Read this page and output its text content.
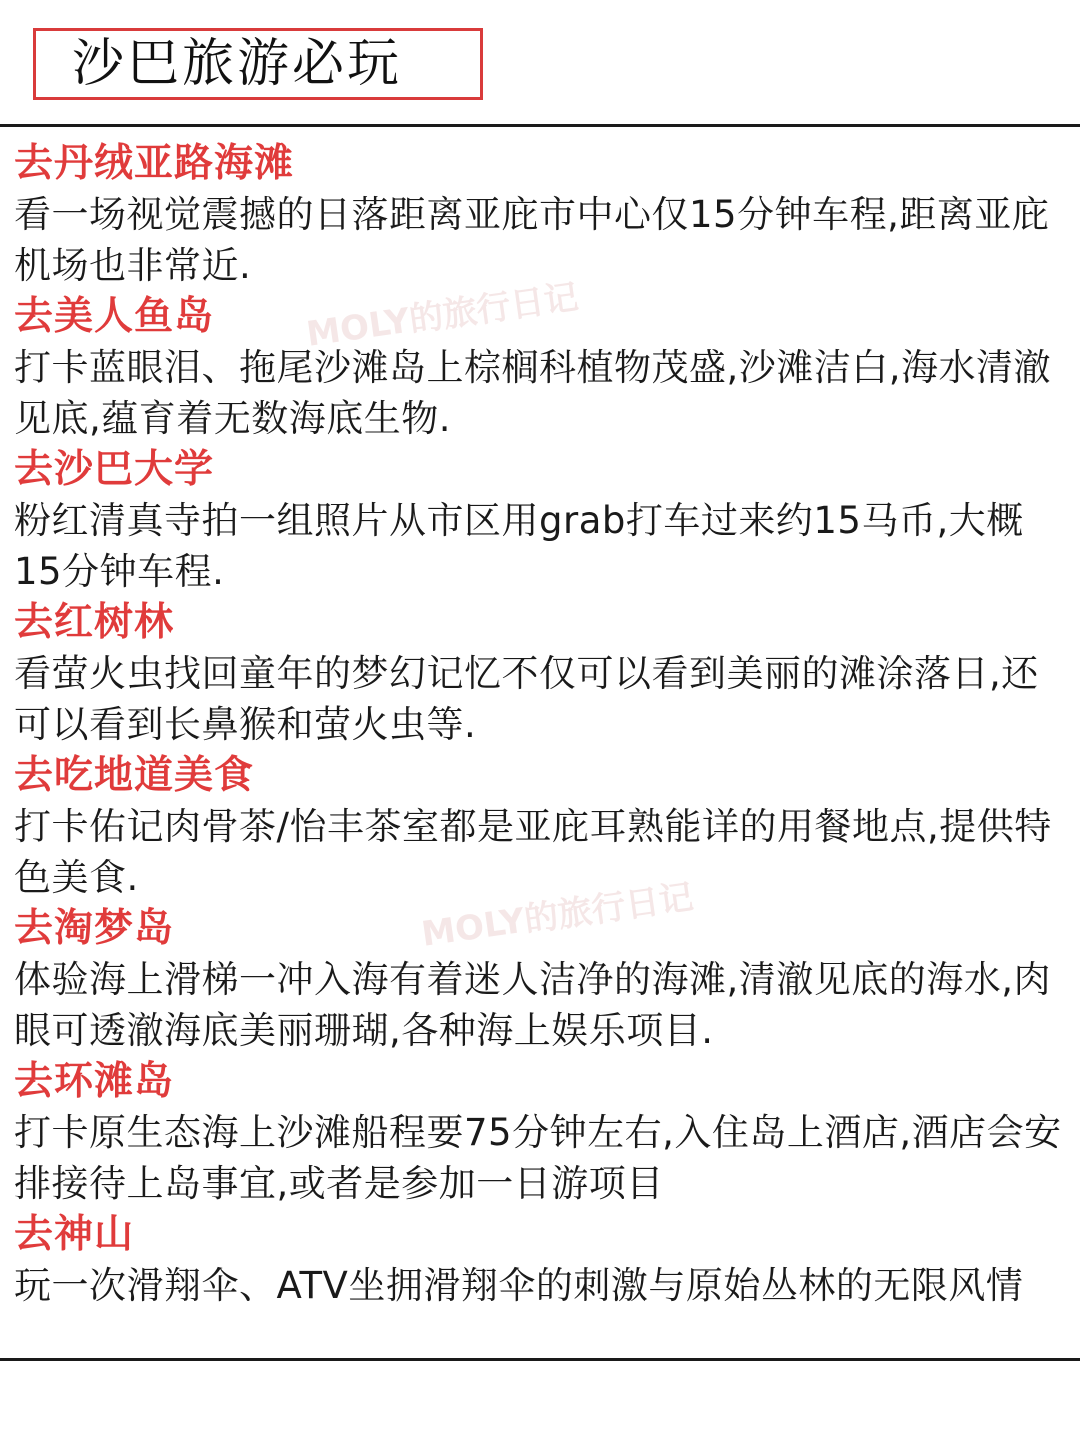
沙巴旅游必玩
MOLY的旅行日记
MOLY的旅行日记
去丹绒亚路海滩
看一场视觉震撼的日落距离亚庇市中心仅15分钟车程,距离亚庇机场也非常近.
去美人鱼岛
打卡蓝眼泪、拖尾沙滩岛上棕榈科植物茂盛,沙滩洁白,海水清澈见底,蕴育着无数海底生物.
去沙巴大学
粉红清真寺拍一组照片从市区用grab打车过来约15马币,大概15分钟车程.
去红树林
看萤火虫找回童年的梦幻记忆不仅可以看到美丽的滩涂落日,还可以看到长鼻猴和萤火虫等.
去吃地道美食
打卡佑记肉骨茶/怡丰茶室都是亚庇耳熟能详的用餐地点,提供特色美食.
去淘梦岛
体验海上滑梯一冲入海有着迷人洁净的海滩,清澈见底的海水,肉眼可透澈海底美丽珊瑚,各种海上娱乐项目.
去环滩岛
打卡原生态海上沙滩船程要75分钟左右,入住岛上酒店,酒店会安排接待上岛事宜,或者是参加一日游项目
去神山
玩一次滑翔伞、ATV坐拥滑翔伞的刺激与原始丛林的无限风情
